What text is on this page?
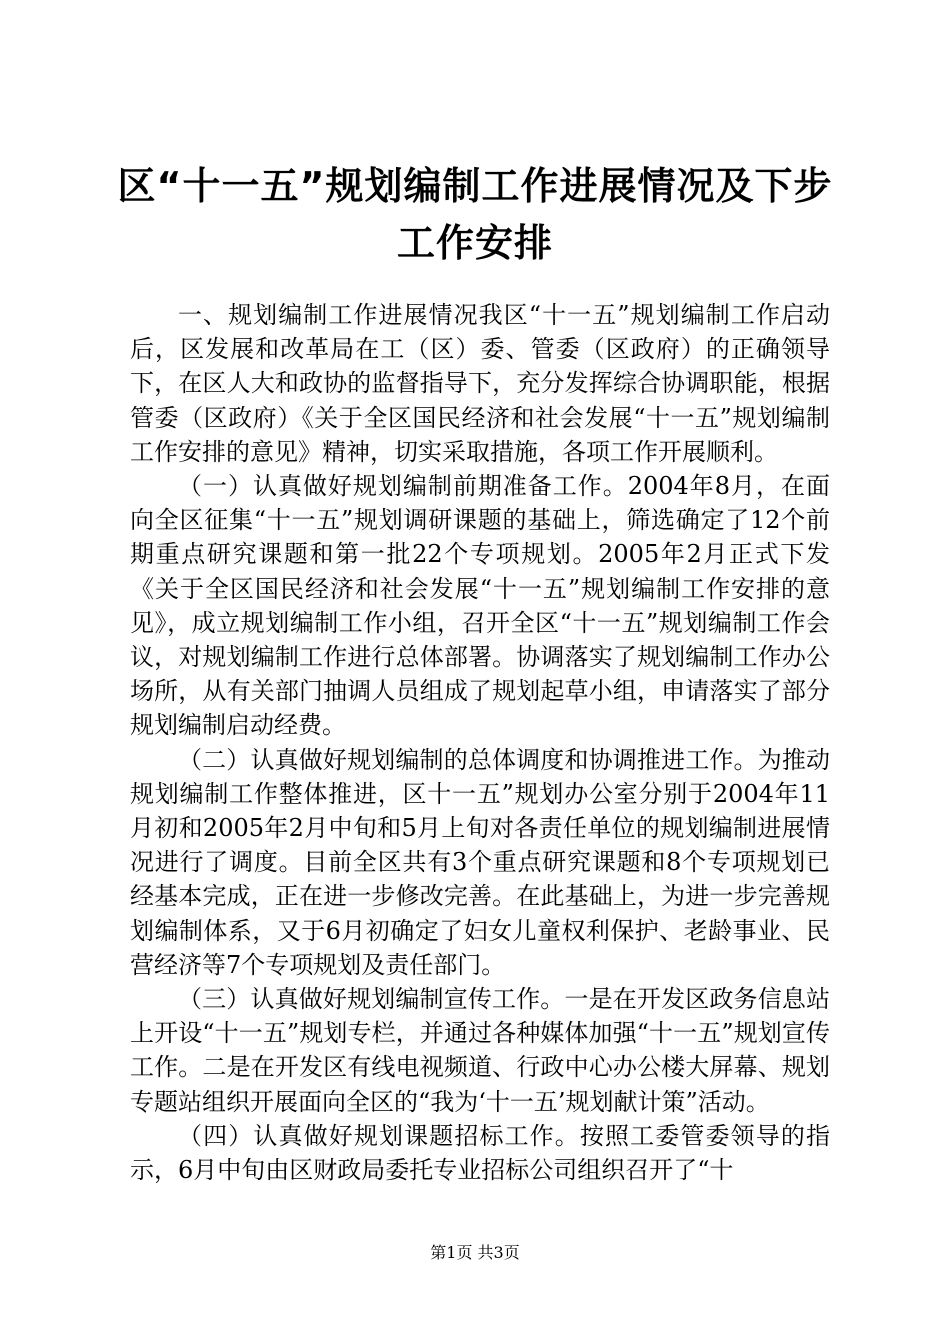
区“十一五”规划编制工作进展情况及下步工作安排

一、规划编制工作进展情况我区“十一五”规划编制工作启动后，区发展和改革局在工（区）委、管委（区政府）的正确领导下，在区人大和政协的监督指导下，充分发挥综合协调职能，根据管委（区政府）《关于全区国民经济和社会发展“十一五”规划编制工作安排的意见》精神，切实采取措施，各项工作开展顺利。

（一）认真做好规划编制前期准备工作。2004年8月，在面向全区征集“十一五”规划调研课题的基础上，筛选确定了12个前期重点研究课题和第一批22个专项规划。2005年2月正式下发《关于全区国民经济和社会发展“十一五”规划编制工作安排的意见》，成立规划编制工作小组，召开全区“十一五”规划编制工作会议，对规划编制工作进行总体部署。协调落实了规划编制工作办公场所，从有关部门抽调人员组成了规划起草小组，申请落实了部分规划编制启动经费。

（二）认真做好规划编制的总体调度和协调推进工作。为推动规划编制工作整体推进，区十一五”规划办公室分别于2004年11月初和2005年2月中旬和5月上旬对各责任单位的规划编制进展情况进行了调度。目前全区共有3个重点研究课题和8个专项规划已经基本完成，正在进一步修改完善。在此基础上，为进一步完善规划编制体系，又于6月初确定了妇女儿童权利保护、老龄事业、民营经济等7个专项规划及责任部门。

（三）认真做好规划编制宣传工作。一是在开发区政务信息站上开设“十一五”规划专栏，并通过各种媒体加强“十一五”规划宣传工作。二是在开发区有线电视频道、行政中心办公楼大屏幕、规划专题站组织开展面向全区的“我为‘十一五’规划献计策”活动。

（四）认真做好规划课题招标工作。按照工委管委领导的指示，6月中旬由区财政局委托专业招标公司组织召开了“十

第1页 共3页
